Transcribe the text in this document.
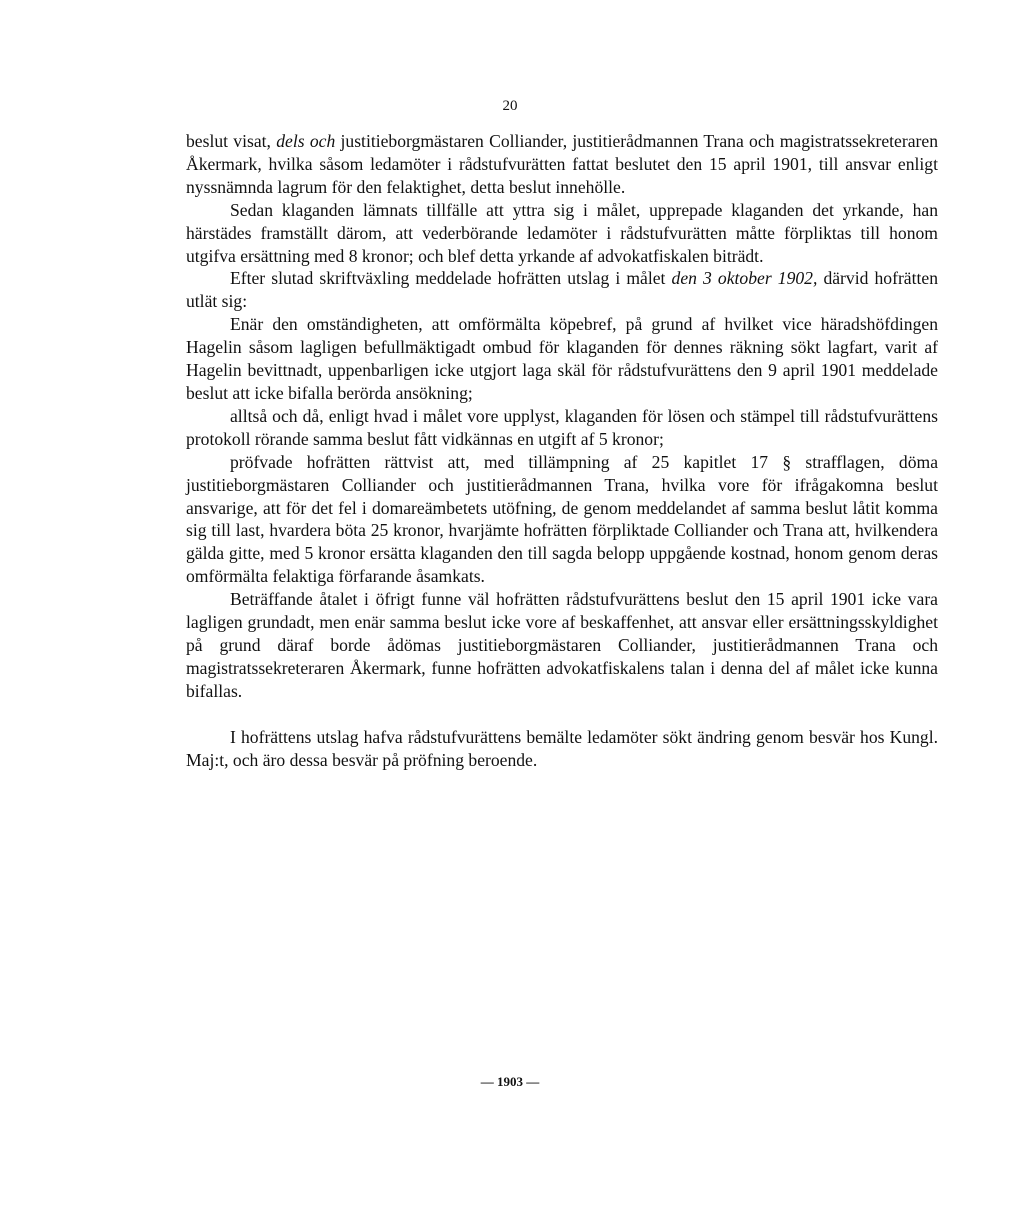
20

beslut visat, dels och justitieborgmästaren Colliander, justitierådmannen Trana och magistratssekreteraren Åkermark, hvilka såsom ledamöter i rådstufvurätten fattat beslutet den 15 april 1901, till ansvar enligt nyssnämnda lagrum för den felaktighet, detta beslut innehölle.

Sedan klaganden lämnats tillfälle att yttra sig i målet, upprepade klaganden det yrkande, han härstädes framställt därom, att vederbörande ledamöter i rådstufvurätten måtte förpliktas till honom utgifva ersättning med 8 kronor; och blef detta yrkande af advokatfiskalen biträdt.

Efter slutad skriftväxling meddelade hofrätten utslag i målet den 3 oktober 1902, därvid hofrätten utlät sig:

Enär den omständigheten, att omförmälta köpebref, på grund af hvilket vice häradshöfdingen Hagelin såsom lagligen befullmäktigadt ombud för klaganden för dennes räkning sökt lagfart, varit af Hagelin bevittnadt, uppenbarligen icke utgjort laga skäl för rådstufvurättens den 9 april 1901 meddelade beslut att icke bifalla berörda ansökning;

alltså och då, enligt hvad i målet vore upplyst, klaganden för lösen och stämpel till rådstufvurättens protokoll rörande samma beslut fått vidkännas en utgift af 5 kronor;

pröfvade hofrätten rättvist att, med tillämpning af 25 kapitlet 17 § strafflagen, döma justitieborgmästaren Colliander och justitierådmannen Trana, hvilka vore för ifrågakomna beslut ansvarige, att för det fel i domareämbetets utöfning, de genom meddelandet af samma beslut låtit komma sig till last, hvardera böta 25 kronor, hvarjämte hofrätten förpliktade Colliander och Trana att, hvilkendera gälda gitte, med 5 kronor ersätta klaganden den till sagda belopp uppgående kostnad, honom genom deras omförmälta felaktiga förfarande åsamkats.

Beträffande åtalet i öfrigt funne väl hofrätten rådstufvurättens beslut den 15 april 1901 icke vara lagligen grundadt, men enär samma beslut icke vore af beskaffenhet, att ansvar eller ersättningsskyldighet på grund däraf borde ådömas justitieborgmästaren Colliander, justitierådmannen Trana och magistratssekreteraren Åkermark, funne hofrätten advokatfiskalens talan i denna del af målet icke kunna bifallas.

I hofrättens utslag hafva rådstufvurättens bemälte ledamöter sökt ändring genom besvär hos Kungl. Maj:t, och äro dessa besvär på pröfning beroende.

— 1903 —
